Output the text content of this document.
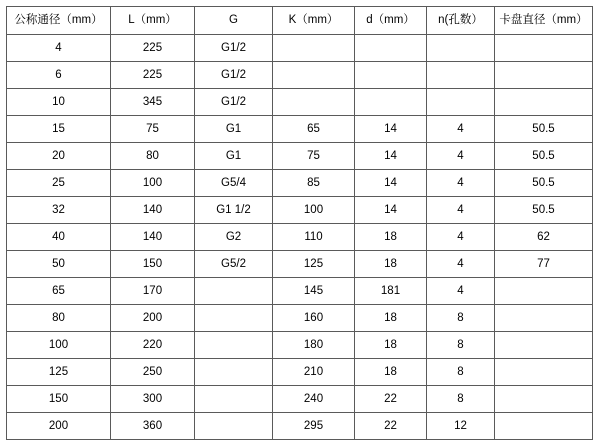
公称通径（mm）	L（mm）	G	K（mm）	d（mm）	n(孔数）	卡盘直径（mm）
4	225	G1/2				
6	225	G1/2				
10	345	G1/2				
15	75	G1	65	14	4	50.5
20	80	G1	75	14	4	50.5
25	100	G5/4	85	14	4	50.5
32	140	G1 1/2	100	14	4	50.5
40	140	G2	110	18	4	62
50	150	G5/2	125	18	4	77
65	170		145	181	4	
80	200		160	18	8	
100	220		180	18	8	
125	250		210	18	8	
150	300		240	22	8	
200	360		295	22	12	
